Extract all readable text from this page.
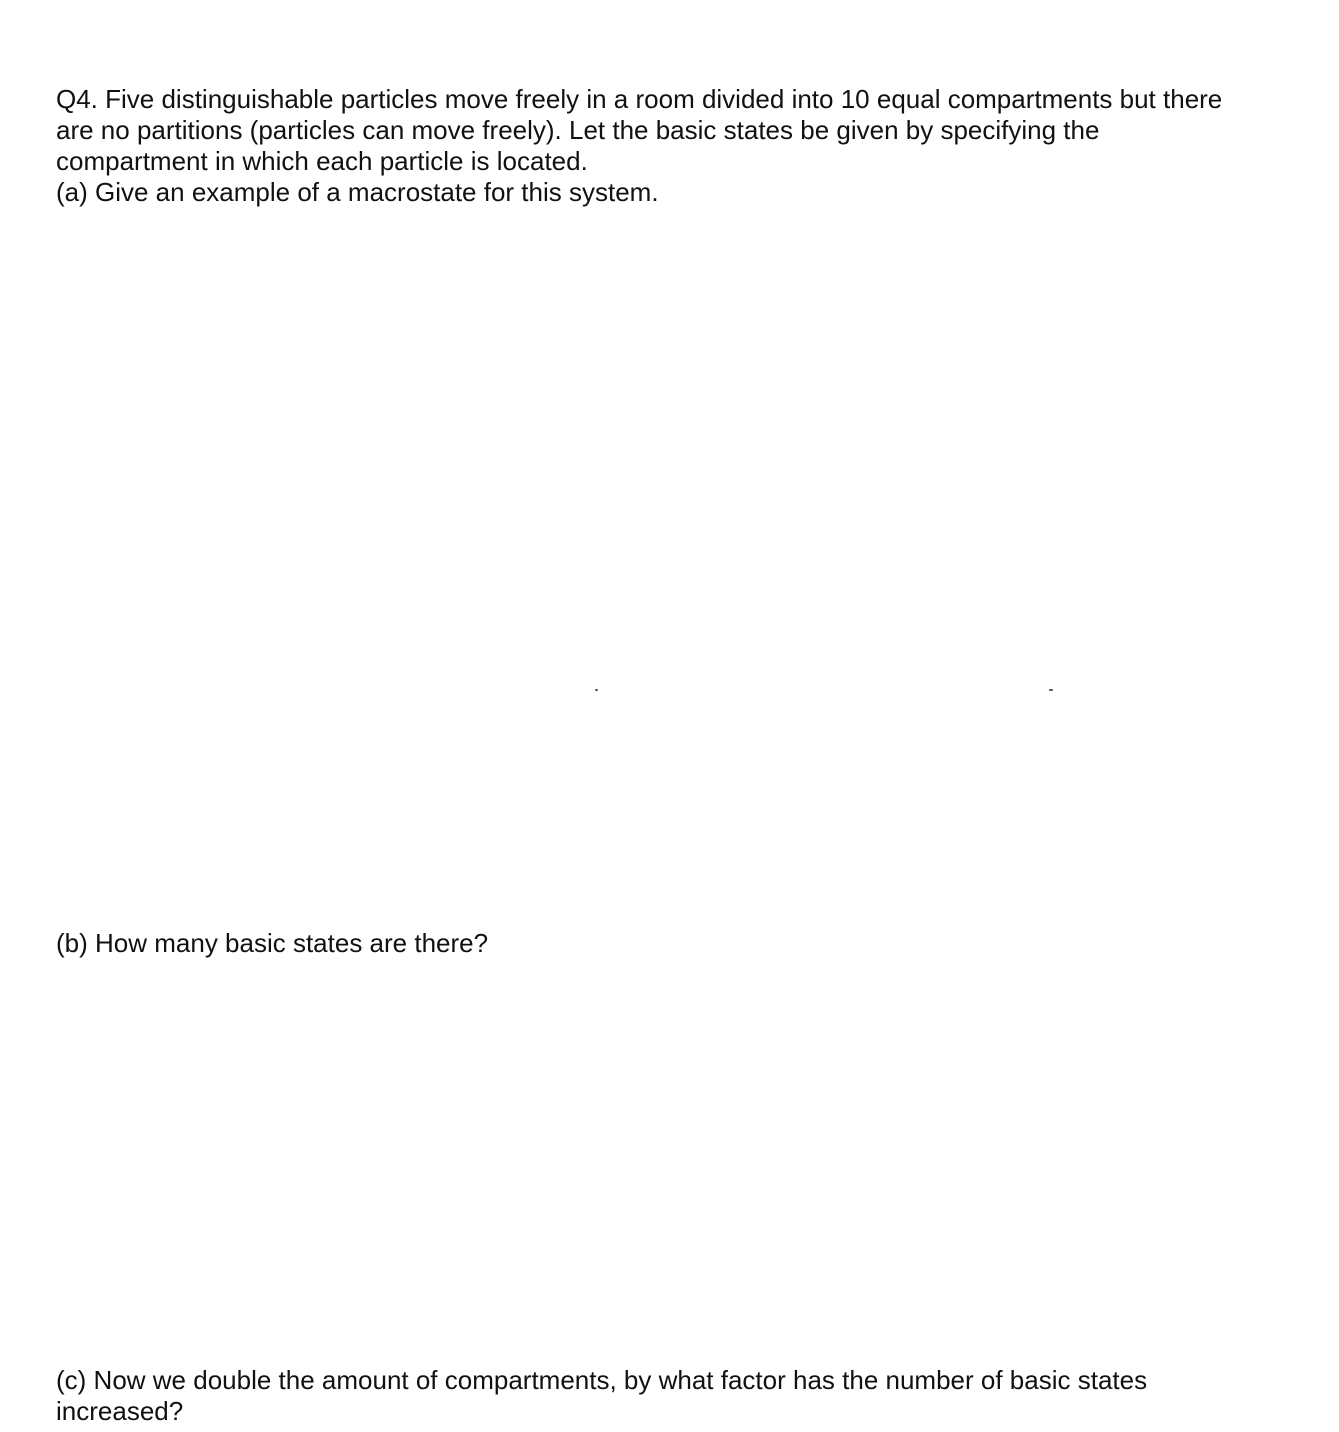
Q4. Five distinguishable particles move freely in a room divided into 10 equal compartments but there
are no partitions (particles can move freely). Let the basic states be given by specifying the
compartment in which each particle is located.
(a) Give an example of a macrostate for this system.
(b) How many basic states are there?
(c) Now we double the amount of compartments, by what factor has the number of basic states
increased?
